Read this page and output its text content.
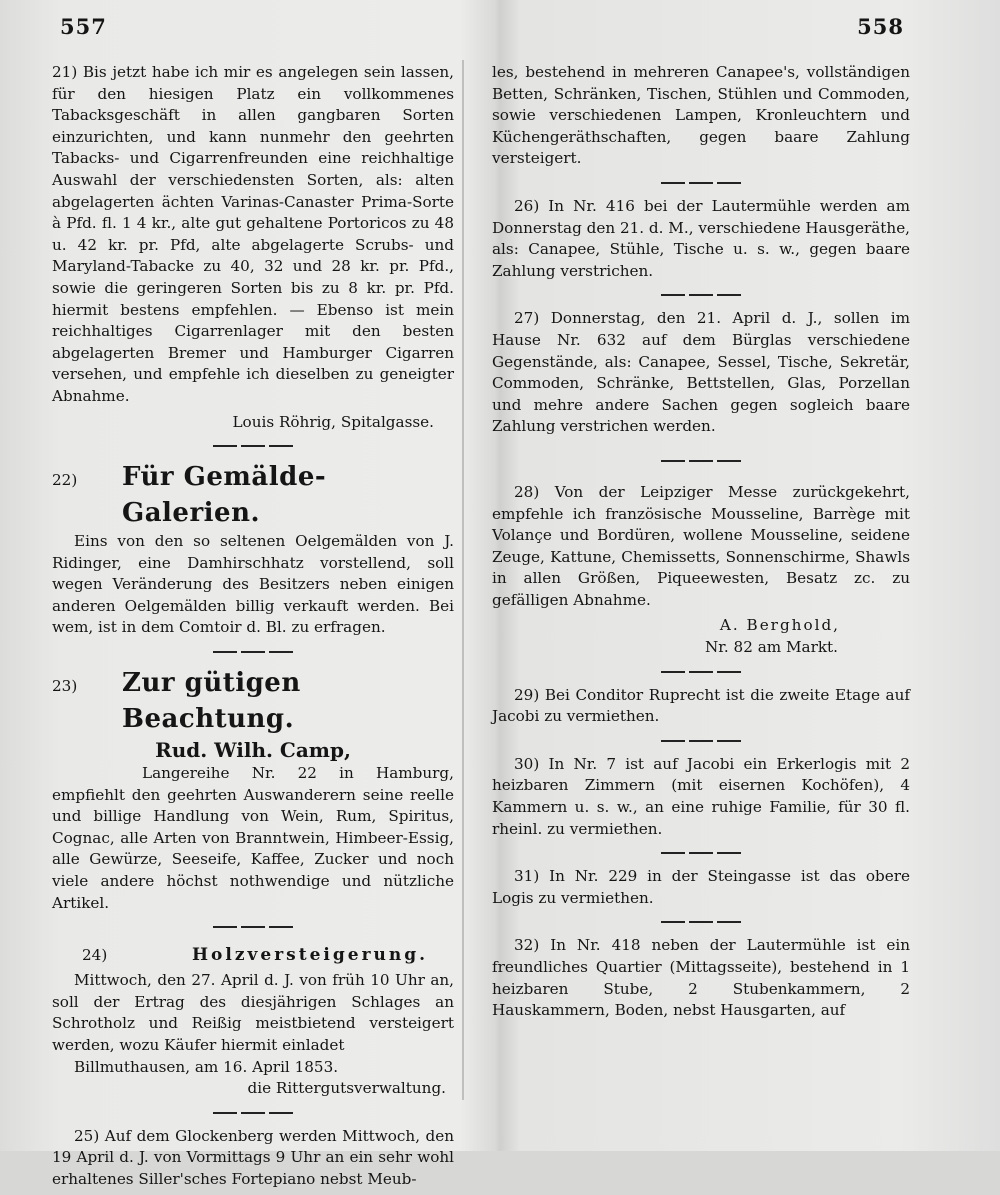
557	558

21) Bis jetzt habe ich mir es angelegen sein lassen, für den hiesigen Platz ein vollkommenes Tabacksgeschäft in allen gangbaren Sorten einzurichten, und kann nunmehr den geehrten Tabacks- und Cigarrenfreunden eine reichhaltige Auswahl der verschiedensten Sorten, als: alten abgelagerten ächten Varinas-Canaster Prima-Sorte à Pfd. fl. 1 4 kr., alte gut gehaltene Portoricos zu 48 u. 42 kr. pr. Pfd, alte abgelagerte Scrubs- und Maryland-Tabacke zu 40, 32 und 28 kr. pr. Pfd., sowie die geringeren Sorten bis zu 8 kr. pr. Pfd. hiermit bestens empfehlen. — Ebenso ist mein reichhaltiges Cigarrenlager mit den besten abgelagerten Bremer und Hamburger Cigarren versehen, und empfehle ich dieselben zu geneigter Abnahme.

Louis Röhrig, Spitalgasse.
22)	Für Gemälde-Galerien.

Eins von den so seltenen Oelgemälden von J. Ridinger, eine Damhirschhatz vorstellend, soll wegen Veränderung des Besitzers neben einigen anderen Oelgemälden billig verkauft werden. Bei wem, ist in dem Comtoir d. Bl. zu erfragen.

23)	Zur gütigen Beachtung.
Rud. Wilh. Camp,

Langereihe Nr. 22 in Hamburg, empfiehlt den geehrten Auswanderern seine reelle und billige Handlung von Wein, Rum, Spiritus, Cognac, alle Arten von Branntwein, Himbeer-Essig, alle Gewürze, Seeseife, Kaffee, Zucker und noch viele andere höchst nothwendige und nützliche Artikel.

24)	Holzversteigerung.

Mittwoch, den 27. April d. J. von früh 10 Uhr an, soll der Ertrag des diesjährigen Schlages an Schrotholz und Reißig meistbietend versteigert werden, wozu Käufer hiermit einladet

Billmuthausen, am 16. April 1853.
die Rittergutsverwaltung.

25) Auf dem Glockenberg werden Mittwoch, den 19 April d. J. von Vormittags 9 Uhr an ein sehr wohl erhaltenes Siller'sches Fortepiano nebst Meub-

les, bestehend in mehreren Canapee's, vollständigen Betten, Schränken, Tischen, Stühlen und Commoden, sowie verschiedenen Lampen, Kronleuchtern und Küchengeräthschaften, gegen baare Zahlung versteigert.

26) In Nr. 416 bei der Lautermühle werden am Donnerstag den 21. d. M., verschiedene Hausgeräthe, als: Canapee, Stühle, Tische u. s. w., gegen baare Zahlung verstrichen.

27) Donnerstag, den 21. April d. J., sollen im Hause Nr. 632 auf dem Bürglas verschiedene Gegenstände, als: Canapee, Sessel, Tische, Sekretär, Commoden, Schränke, Bettstellen, Glas, Porzellan und mehre andere Sachen gegen sogleich baare Zahlung verstrichen werden.

28) Von der Leipziger Messe zurückgekehrt, empfehle ich französische Mousseline, Barrège mit Volançe und Bordüren, wollene Mousseline, seidene Zeuge, Kattune, Chemissetts, Sonnenschirme, Shawls in allen Größen, Piqueewesten, Besatz zc. zu gefälligen Abnahme.

A. Berghold,
Nr. 82 am Markt.

29) Bei Conditor Ruprecht ist die zweite Etage auf Jacobi zu vermiethen.

30) In Nr. 7 ist auf Jacobi ein Erkerlogis mit 2 heizbaren Zimmern (mit eisernen Kochöfen), 4 Kammern u. s. w., an eine ruhige Familie, für 30 fl. rheinl. zu vermiethen.

31) In Nr. 229 in der Steingasse ist das obere Logis zu vermiethen.

32) In Nr. 418 neben der Lautermühle ist ein freundliches Quartier (Mittagsseite), bestehend in 1 heizbaren Stube, 2 Stubenkammern, 2 Hauskammern, Boden, nebst Hausgarten, auf
